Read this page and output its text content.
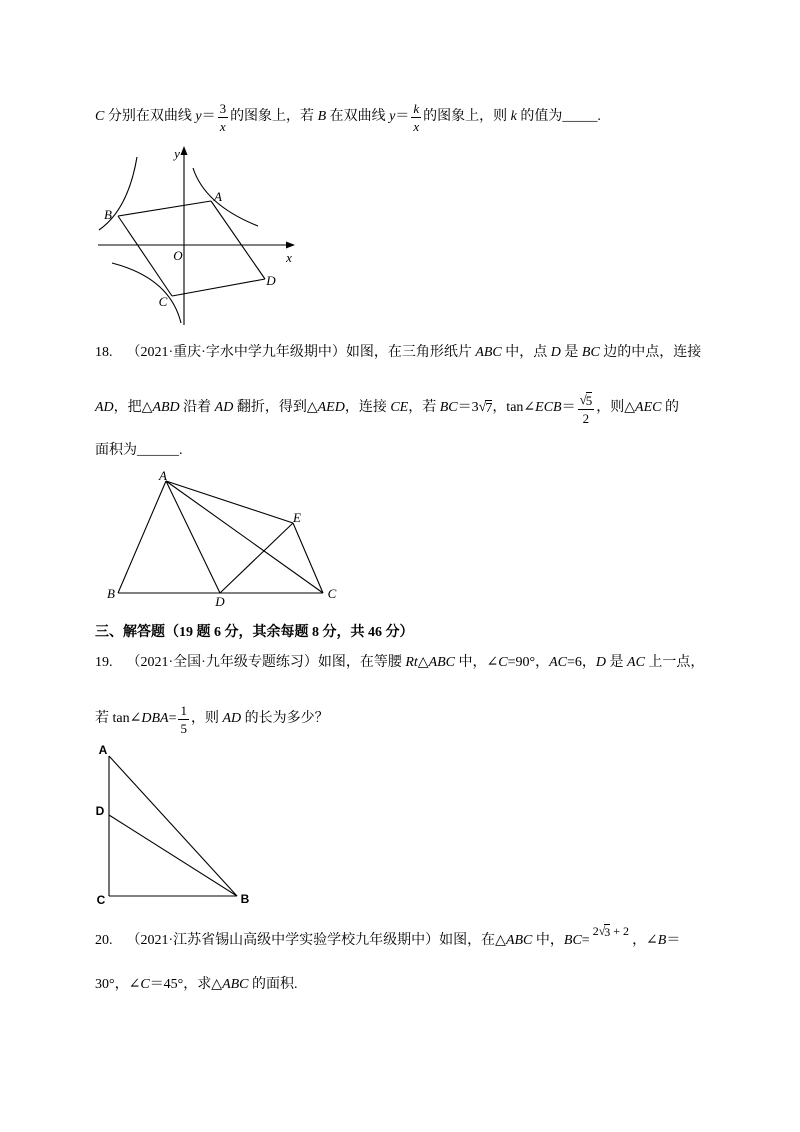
C 分别在双曲线 $y = \frac{3}{x}$ 的图象上，若 B 在双曲线 $y = \frac{k}{x}$ 的图象上，则 k 的值为 _____ .
y
x
O
A
B
C
D
18. （2021·重庆·字水中学九年级期中）如图，在三角形纸片 ABC 中，点 D 是 BC 边的中点，连接
AD ，把△ ABD 沿着 AD 翻折，得到△ AED ，连接 CE ，若 BC ＝3 √ 7 ，tan∠ ECB ＝ $\frac{√ 5}{2}$ ，则△ AEC 的
面积为 ______ .
A
B	C
D
E
三、解答题（19 题 6 分，其余每题 8 分，共 46 分）
19. （2021·全国·九年级专题练习）如图，在等腰 Rt △ ABC 中，∠ C =90°， AC =6， D 是 AC 上一点，
若 tan∠ DBA = $\frac{1}{5}$ ，则 AD 的长为多少？
A
D
C	B
20. （2021·江苏省锡山高级中学实验学校九年级期中）如图，在△ ABC 中， BC =
2 √ 3 + 2
，∠ B ＝
30°，∠ C ＝45°，求△ ABC 的面积.
